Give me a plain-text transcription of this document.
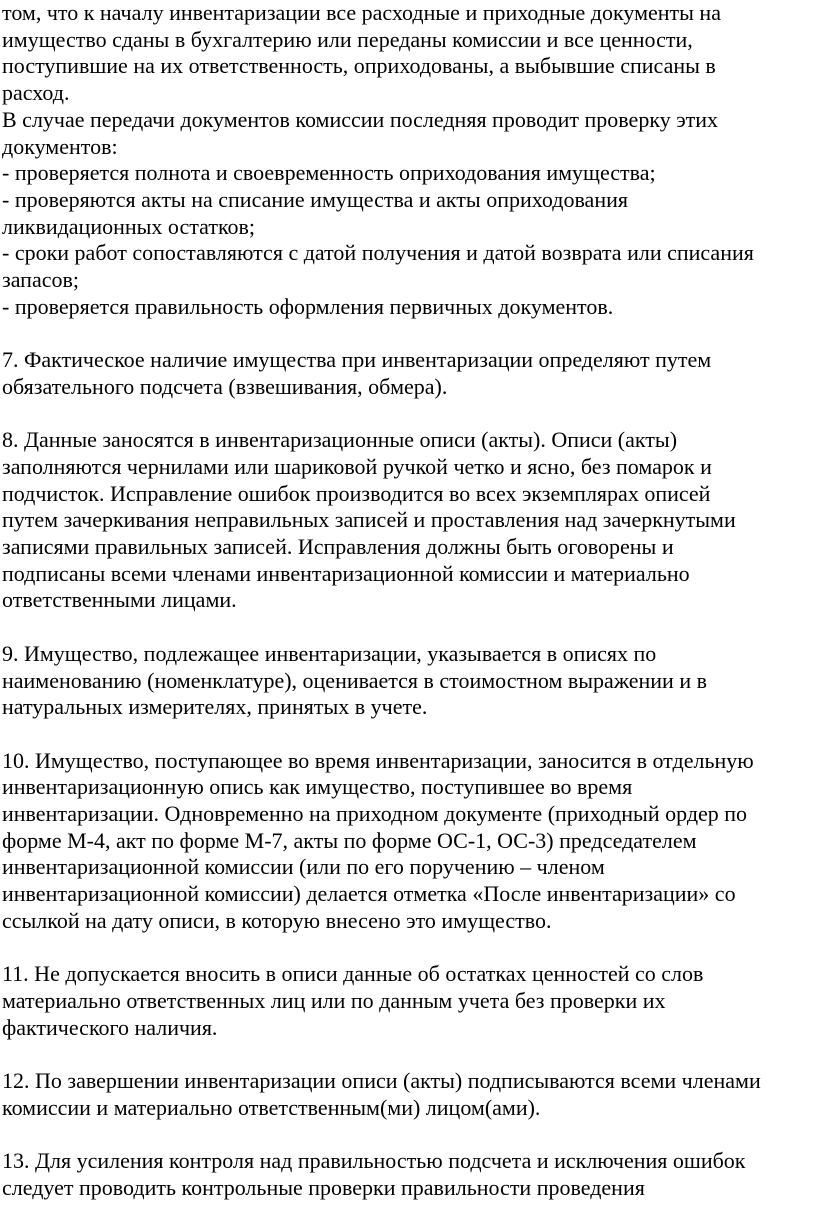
том, что к началу инвентаризации все расходные и приходные документы на
имущество сданы в бухгалтерию или переданы комиссии и все ценности,
поступившие на их ответственность, оприходованы, а выбывшие списаны в
расход.
В случае передачи документов комиссии последняя проводит проверку этих
документов:
- проверяется полнота и своевременность оприходования имущества;
- проверяются акты на списание имущества и акты оприходования
ликвидационных остатков;
- сроки работ сопоставляются с датой получения и датой возврата или списания
запасов;
- проверяется правильность оформления первичных документов.
7. Фактическое наличие имущества при инвентаризации определяют путем
обязательного подсчета (взвешивания, обмера).
8. Данные заносятся в инвентаризационные описи (акты). Описи (акты)
заполняются чернилами или шариковой ручкой четко и ясно, без помарок и
подчисток. Исправление ошибок производится во всех экземплярах описей
путем зачеркивания неправильных записей и проставления над зачеркнутыми
записями правильных записей. Исправления должны быть оговорены и
подписаны всеми членами инвентаризационной комиссии и материально
ответственными лицами.
9. Имущество, подлежащее инвентаризации, указывается в описях по
наименованию (номенклатуре), оценивается в стоимостном выражении и в
натуральных измерителях, принятых в учете.
10. Имущество, поступающее во время инвентаризации, заносится в отдельную
инвентаризационную опись как имущество, поступившее во время
инвентаризации. Одновременно на приходном документе (приходный ордер по
форме М-4, акт по форме М-7, акты по форме ОС-1, ОС-3) председателем
инвентаризационной комиссии (или по его поручению – членом
инвентаризационной комиссии) делается отметка «После инвентаризации» со
ссылкой на дату описи, в которую внесено это имущество.
11. Не допускается вносить в описи данные об остатках ценностей со слов
материально ответственных лиц или по данным учета без проверки их
фактического наличия.
12. По завершении инвентаризации описи (акты) подписываются всеми членами
комиссии и материально ответственным(ми) лицом(ами).
13. Для усиления контроля над правильностью подсчета и исключения ошибок
следует проводить контрольные проверки правильности проведения
